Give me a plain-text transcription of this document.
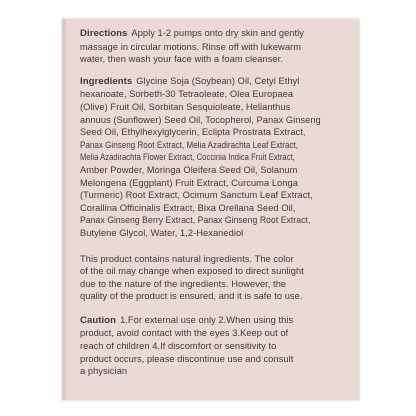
Directions Apply 1-2 pumps onto dry skin and gently
massage in circular motions. Rinse off with lukewarm
water, then wash your face with a foam cleanser.

Ingredients Glycine Soja (Soybean) Oil, Cetyl Ethyl
hexanoate, Sorbeth-30 Tetraoleate, Olea Europaea
(Olive) Fruit Oil, Sorbitan Sesquioleate, Helianthus
annuus (Sunflower) Seed Oil, Tocopherol, Panax Ginseng
Seed Oil, Ethylhexylglycerin, Eclipta Prostrata Extract,
Panax Ginseng Root Extract, Melia Azadirachta Leaf Extract,
Melia Azadirachta Flower Extract, Coccinia Indica Fruit Extract,
Amber Powder, Moringa Oleifera Seed Oil, Solanum
Melongena (Eggplant) Fruit Extract, Curcuma Longa
(Turmeric) Root Extract, Ocimum Sanctum Leaf Extract,
Corallina Officinalis Extract, Bixa Orellana Seed Oil,
Panax Ginseng Berry Extract, Panax Ginseng Root Extract,
Butylene Glycol, Water, 1,2-Hexanediol

This product contains natural ingredients. The color
of the oil may change when exposed to direct sunlight
due to the nature of the ingredients. However, the
quality of the product is ensured, and it is safe to use.

Caution 1.For external use only 2.When using this
product, avoid contact with the eyes 3.Keep out of
reach of children 4.If discomfort or sensitivity to
product occurs, please discontinue use and consult
a physician
